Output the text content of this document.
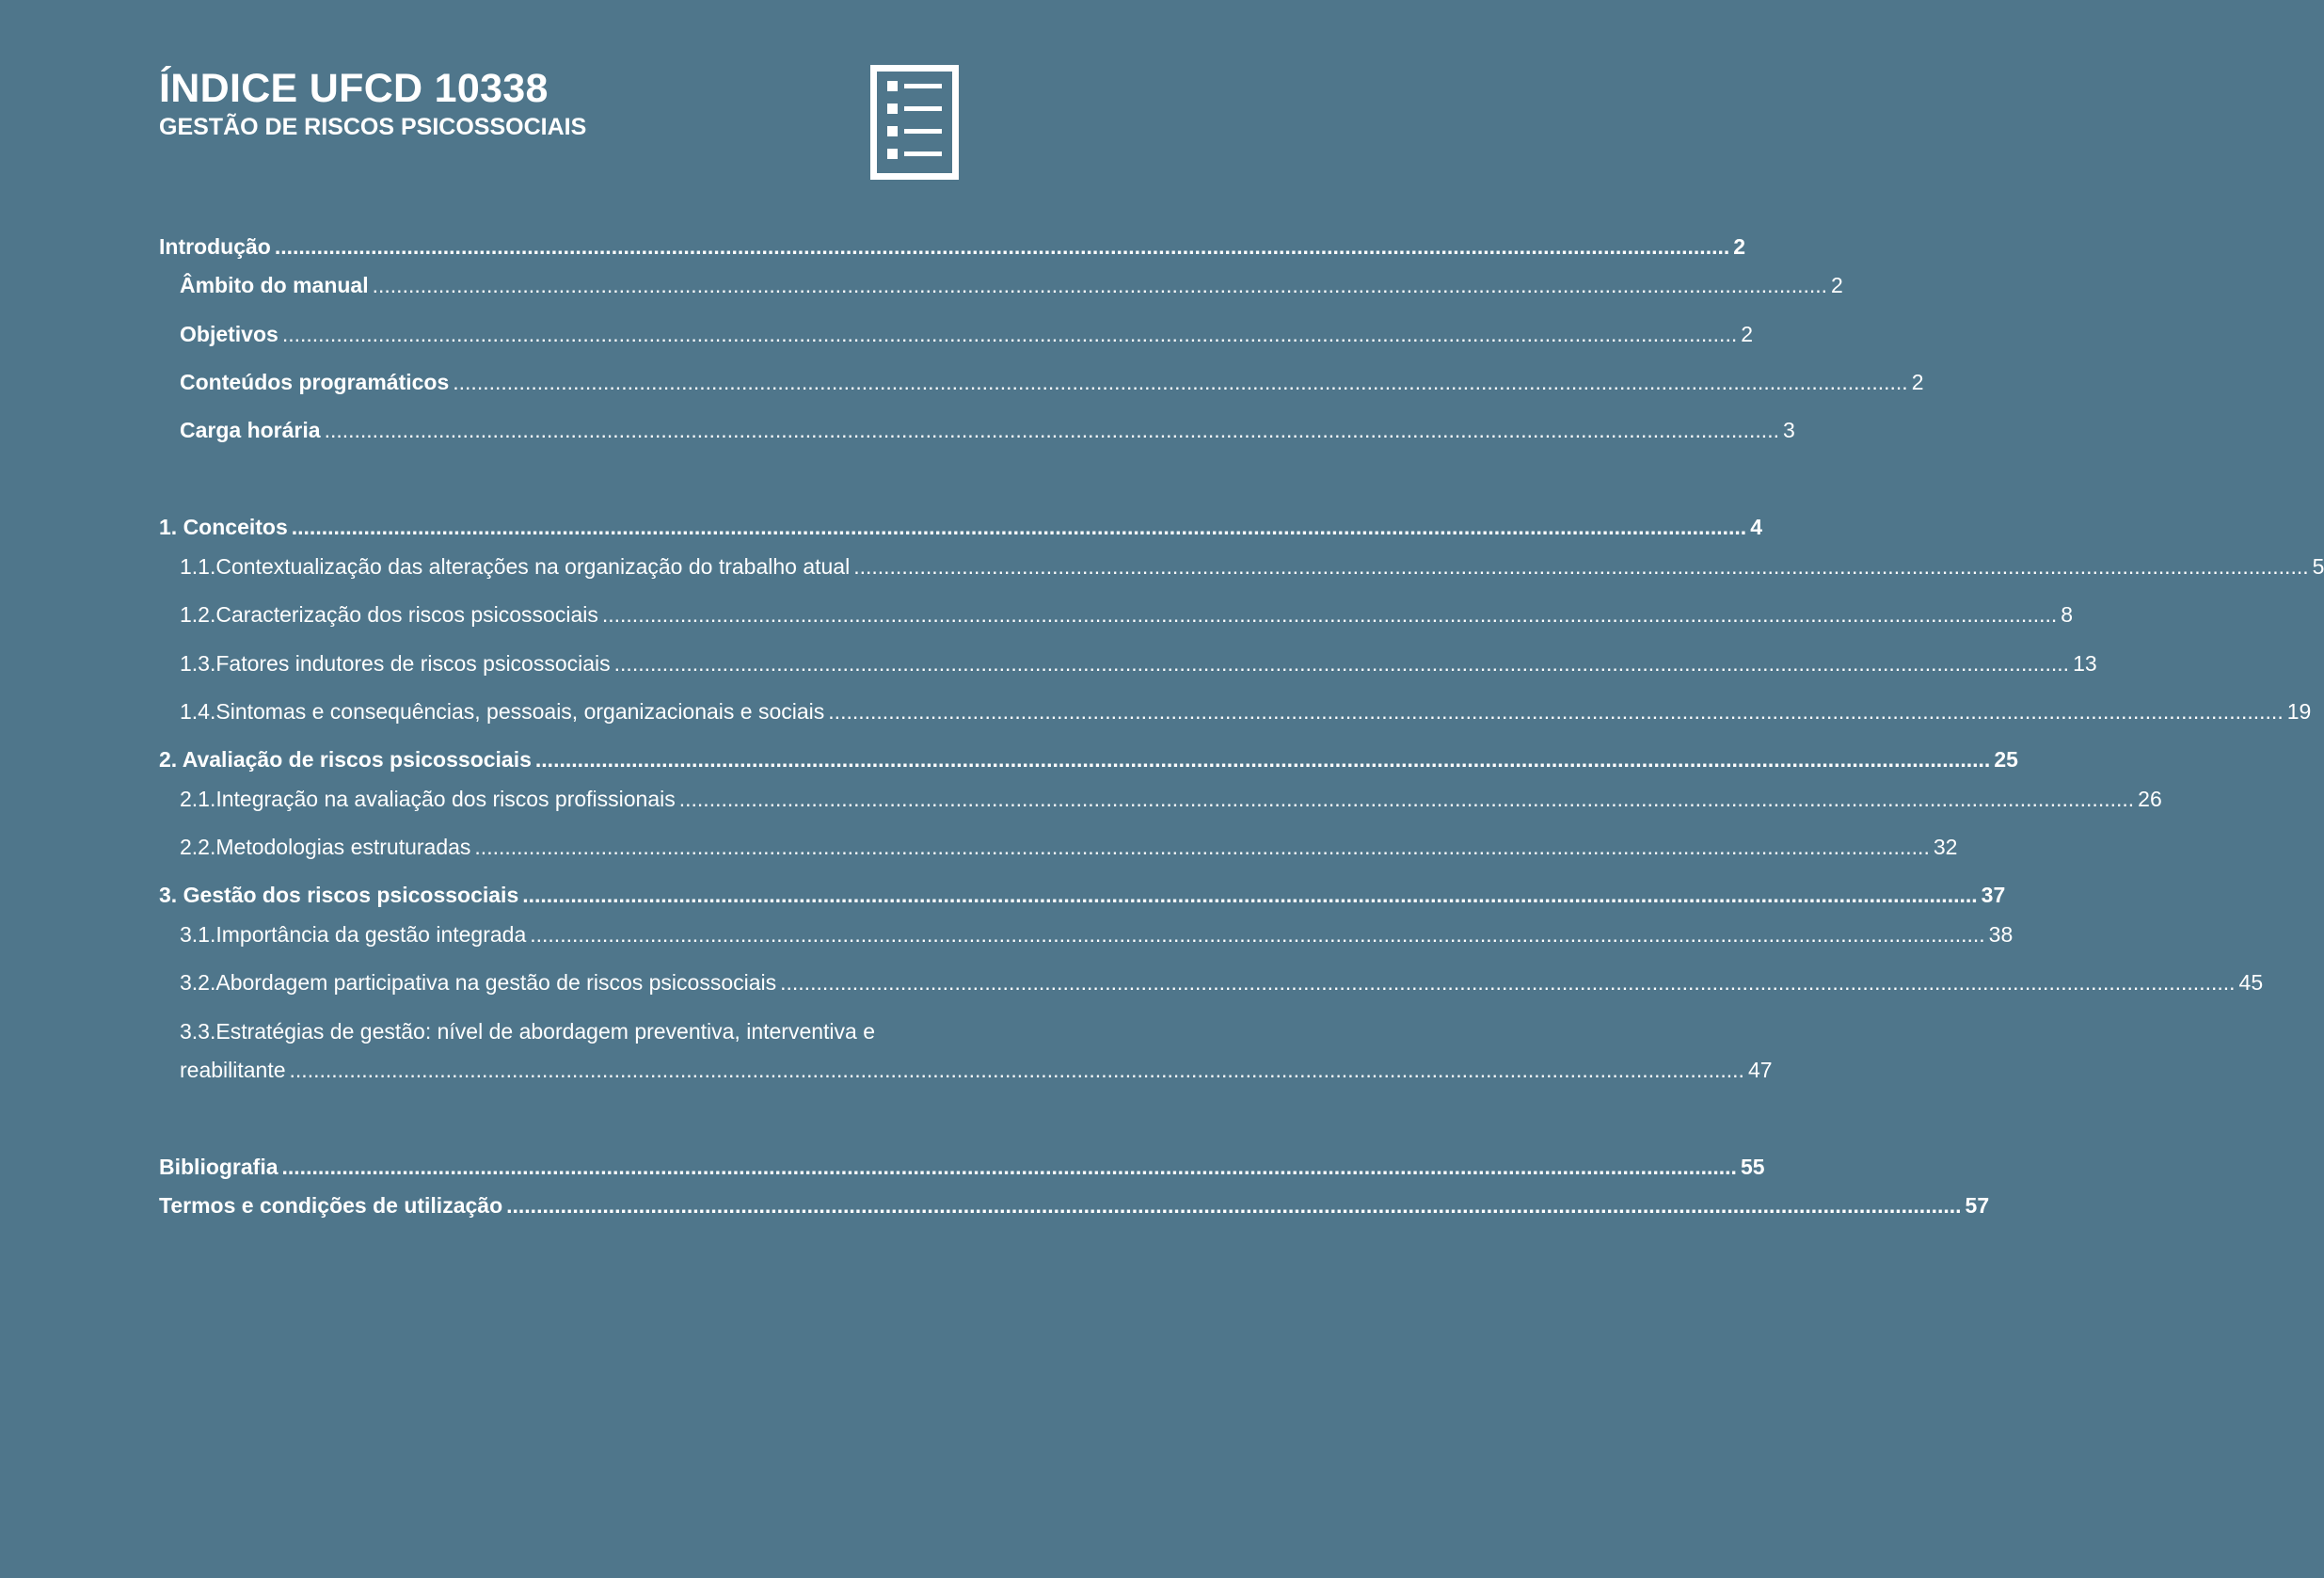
ÍNDICE UFCD 10338
GESTÃO DE RISCOS PSICOSSOCIAIS
Introdução .................................................................................................................................................................................................................................................. 2
Âmbito do manual .................................................................................................................................................................................................................................................. 2
Objetivos .................................................................................................................................................................................................................................................. 2
Conteúdos programáticos .................................................................................................................................................................................................................................................. 2
Carga horária .................................................................................................................................................................................................................................................. 3
1. Conceitos .................................................................................................................................................................................................................................................. 4
1.1.Contextualização das alterações na organização do trabalho atual .................................................................................................................................................................................................................................................. 5
1.2.Caracterização dos riscos psicossociais .................................................................................................................................................................................................................................................. 8
1.3.Fatores indutores de riscos psicossociais .................................................................................................................................................................................................................................................. 13
1.4.Sintomas e consequências, pessoais, organizacionais e sociais .................................................................................................................................................................................................................................................. 19
2. Avaliação de riscos psicossociais .................................................................................................................................................................................................................................................. 25
2.1.Integração na avaliação dos riscos profissionais .................................................................................................................................................................................................................................................. 26
2.2.Metodologias estruturadas .................................................................................................................................................................................................................................................. 32
3. Gestão dos riscos psicossociais .................................................................................................................................................................................................................................................. 37
3.1.Importância da gestão integrada .................................................................................................................................................................................................................................................. 38
3.2.Abordagem participativa na gestão de riscos psicossociais .................................................................................................................................................................................................................................................. 45
3.3.Estratégias de gestão: nível de abordagem preventiva, interventiva e
reabilitante .................................................................................................................................................................................................................................................. 47
Bibliografia .................................................................................................................................................................................................................................................. 55
Termos e condições de utilização .................................................................................................................................................................................................................................................. 57
